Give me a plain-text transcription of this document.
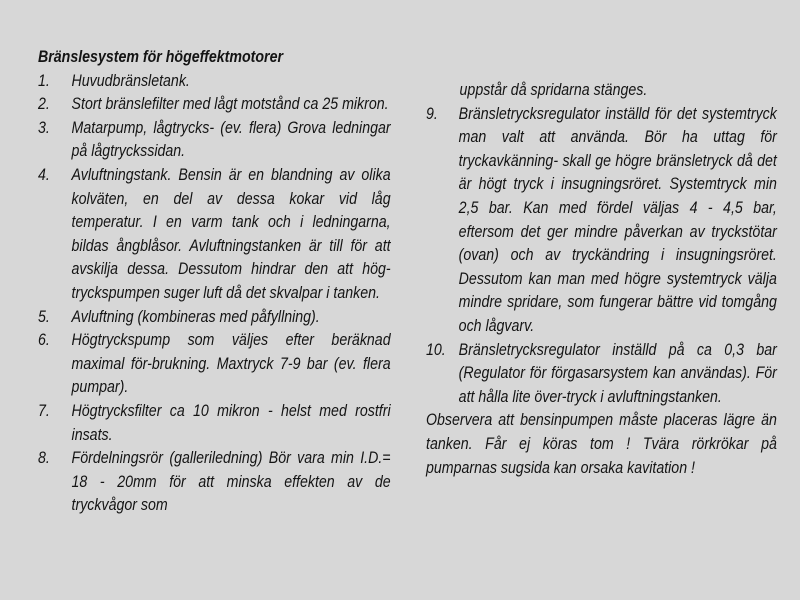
Bränslesystem för högeffektmotorer
1. Huvudbränsletank.
2. Stort bränslefilter med lågt motstånd ca 25 mikron.
3. Matarpump, lågtrycks- (ev. flera) Grova ledningar på lågtryckssidan.
4. Avluftningstank. Bensin är en blandning av olika kolväten, en del av dessa kokar vid låg temperatur. I en varm tank och i ledningarna, bildas ångblåsor. Avluftningstanken är till för att avskilja dessa. Dessutom hindrar den att hög-tryckspumpen suger luft då det skvalpar i tanken.
5. Avluftning (kombineras med påfyllning).
6. Högtryckspump som väljes efter beräknad maximal för-brukning. Maxtryck 7-9 bar (ev. flera pumpar).
7. Högtrycksfilter ca 10 mikron - helst med rostfri insats.
8. Fördelningsrör (galleriledning) Bör vara min I.D.= 18 - 20mm för att minska effekten av de tryckvågor som
uppstår då spridarna stänges.
9. Bränsletrycksregulator inställd för det systemtryck man valt att använda. Bör ha uttag för tryckavkänning- skall ge högre bränsletryck då det är högt tryck i insugningsröret. Systemtryck min 2,5 bar. Kan med fördel väljas 4 - 4,5 bar, eftersom det ger mindre påverkan av tryckstötar (ovan) och av tryckändring i insugningsröret. Dessutom kan man med högre systemtryck välja mindre spridare, som fungerar bättre vid tomgång och lågvarv.
10. Bränsletrycksregulator inställd på ca 0,3 bar (Regulator för förgasarsystem kan användas). För att hålla lite över-tryck i avluftningstanken.

Observera att bensinpumpen måste placeras lägre än tanken. Får ej köras tom ! Tvära rörkrökar på pumparnas sugsida kan orsaka kavitation !
